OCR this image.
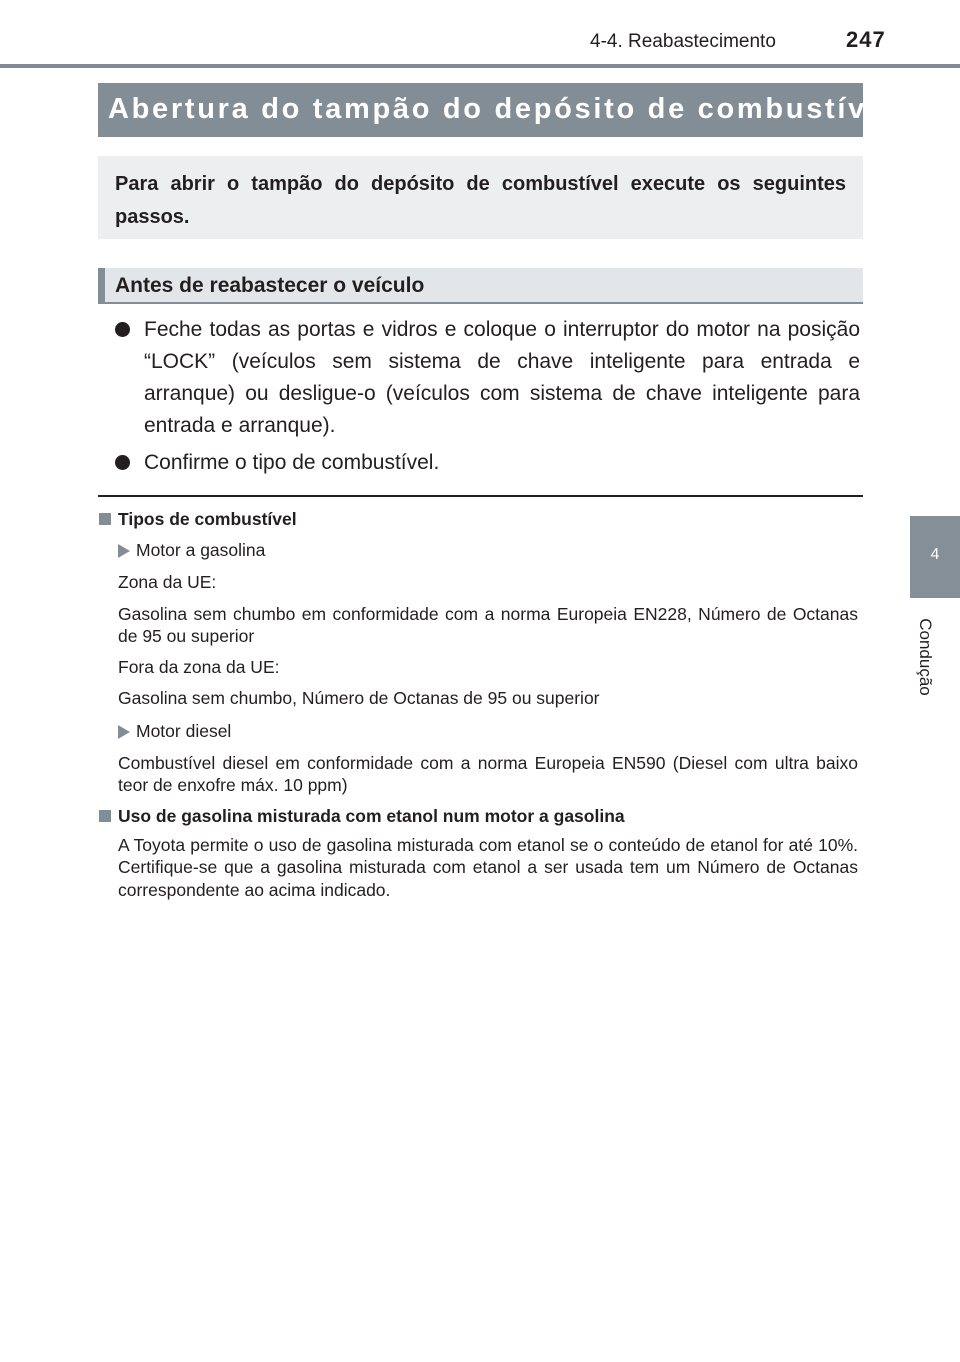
4-4. Reabastecimento	247
4
Condução
Abertura do tampão do depósito de combustível

Para abrir o tampão do depósito de combustível execute os seguintes passos.

Antes de reabastecer o veículo
Feche todas as portas e vidros e coloque o interruptor do motor na posição “LOCK” (veículos sem sistema de chave inteligente para entrada e arranque) ou desligue-o (veículos com sistema de chave inteligente para entrada e arranque).
Confirme o tipo de combustível.
Tipos de combustível
Motor a gasolina

Zona da UE:

Gasolina sem chumbo em conformidade com a norma Europeia EN228, Número de Octanas de 95 ou superior

Fora da zona da UE:

Gasolina sem chumbo, Número de Octanas de 95 ou superior

Motor diesel

Combustível diesel em conformidade com a norma Europeia EN590 (Diesel com ultra baixo teor de enxofre máx. 10 ppm)

Uso de gasolina misturada com etanol num motor a gasolina

A Toyota permite o uso de gasolina misturada com etanol se o conteúdo de etanol for até 10%. Certifique-se que a gasolina misturada com etanol a ser usada tem um Número de Octanas correspondente ao acima indicado.
